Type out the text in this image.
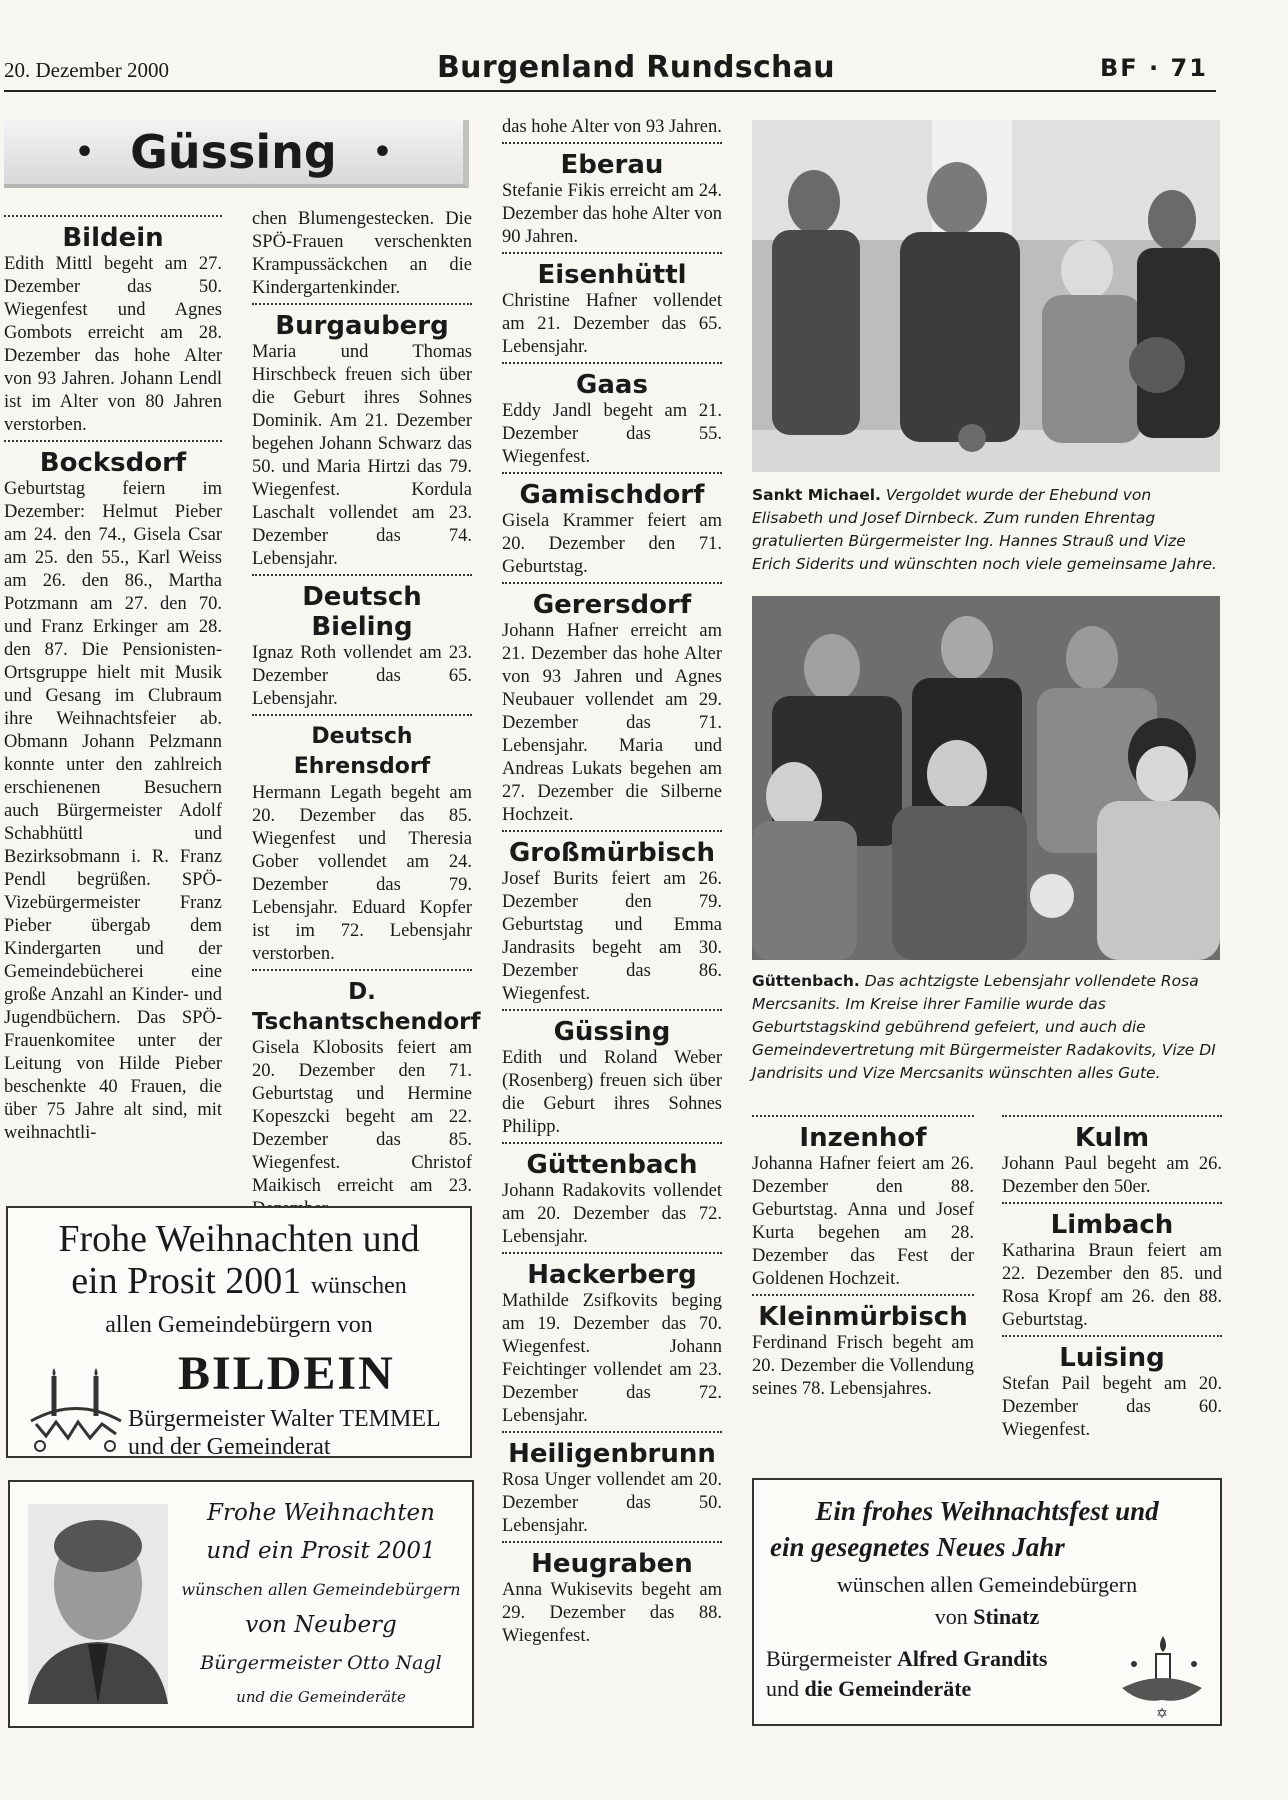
20. Dezember 2000	Burgenland Rundschau	BF · 71
• Güssing •
Bildein

Edith Mittl begeht am 27. Dezember das 50. Wiegenfest und Agnes Gombots erreicht am 28. Dezember das hohe Alter von 93 Jahren. Johann Lendl ist im Alter von 80 Jahren verstorben.

Bocksdorf

Geburtstag feiern im Dezember: Helmut Pieber am 24. den 74., Gisela Csar am 25. den 55., Karl Weiss am 26. den 86., Martha Potzmann am 27. den 70. und Franz Erkinger am 28. den 87. Die Pensionisten-Ortsgruppe hielt mit Musik und Gesang im Clubraum ihre Weihnachtsfeier ab. Obmann Johann Pelzmann konnte unter den zahlreich erschienenen Besuchern auch Bürgermeister Adolf Schabhüttl und Bezirksobmann i. R. Franz Pendl begrüßen. SPÖ-Vizebürgermeister Franz Pieber übergab dem Kindergarten und der Gemeindebücherei eine große Anzahl an Kinder- und Jugendbüchern. Das SPÖ-Frauenkomitee unter der Leitung von Hilde Pieber beschenkte 40 Frauen, die über 75 Jahre alt sind, mit weihnachtli-

chen Blumengestecken. Die SPÖ-Frauen verschenkten Krampussäckchen an die Kindergartenkinder.

Burgauberg

Maria und Thomas Hirschbeck freuen sich über die Geburt ihres Sohnes Dominik. Am 21. Dezember begehen Johann Schwarz das 50. und Maria Hirtzi das 79. Wiegenfest. Kordula Laschalt vollendet am 23. Dezember das 74. Lebensjahr.

Deutsch Bieling

Ignaz Roth vollendet am 23. Dezember das 65. Lebensjahr.

Deutsch Ehrensdorf

Hermann Legath begeht am 20. Dezember das 85. Wiegenfest und Theresia Gober vollendet am 24. Dezember das 79. Lebensjahr. Eduard Kopfer ist im 72. Lebensjahr verstorben.

D. Tschantschendorf

Gisela Klobosits feiert am 20. Dezember den 71. Geburtstag und Hermine Kopeszcki begeht am 22. Dezember das 85. Wiegenfest. Christof Maikisch erreicht am 23.

das hohe Alter von 93 Jahren.

Eberau

Stefanie Fikis erreicht am 24. Dezember das hohe Alter von 90 Jahren.

Eisenhüttl

Christine Hafner vollendet am 21. Dezember das 65. Lebensjahr.

Gaas

Eddy Jandl begeht am 21. Dezember das 55. Wiegenfest.

Gamischdorf

Gisela Krammer feiert am 20. Dezember den 71. Geburtstag.

Gerersdorf

Johann Hafner erreicht am 21. Dezember das hohe Alter von 93 Jahren und Agnes Neubauer vollendet am 29. Dezember das 71. Lebensjahr. Maria und Andreas Lukats begehen am 27. Dezember die Silberne Hochzeit.

Großmürbisch

Josef Burits feiert am 26. Dezember den 79. Geburtstag und Emma Jandrasits begeht am 30. Dezember das 86. Wiegenfest.

Güssing

Edith und Roland Weber (Rosenberg) freuen sich über die Geburt ihres Sohnes Philipp.

Güttenbach

Johann Radakovits vollendet am 20. Dezember das 72. Lebensjahr.

Hackerberg

Mathilde Zsifkovits beging am 19. Dezember das 70. Wiegenfest. Johann Feichtinger vollendet am 23. Dezember das 72. Lebensjahr.

Heiligenbrunn

Rosa Unger vollendet am 20. Dezember das 50. Lebensjahr.

Heugraben

Anna Wukisevits begeht am 29. Dezember das 88. Wiegenfest.

Sankt Michael. Vergoldet wurde der Ehebund von Elisabeth und Josef Dirnbeck. Zum runden Ehrentag gratulierten Bürgermeister Ing. Hannes Strauß und Vize Erich Siderits und wünschten noch viele gemeinsame Jahre.
Güttenbach. Das achtzigste Lebensjahr vollendete Rosa Mercsanits. Im Kreise ihrer Familie wurde das Geburtstagskind gebührend gefeiert, und auch die Gemeindevertretung mit Bürgermeister Radakovits, Vize DI Jandrisits und Vize Mercsanits wünschten alles Gute.
Inzenhof

Johanna Hafner feiert am 26. Dezember den 88. Geburtstag. Anna und Josef Kurta begehen am 28. Dezember das Fest der Goldenen Hochzeit.

Kleinmürbisch

Ferdinand Frisch begeht am 20. Dezember die Vollendung seines 78. Lebensjahres.

Kulm

Johann Paul begeht am 26. Dezember den 50er.

Limbach

Katharina Braun feiert am 22. Dezember den 85. und Rosa Kropf am 26. den 88. Geburtstag.

Luising

Stefan Pail begeht am 20. Dezember das 60. Wiegenfest.

Frohe Weihnachten und
ein Prosit 2001 wünschen
allen Gemeindebürgern von
BILDEIN
Bürgermeister Walter TEMMEL
und der Gemeinderat
Frohe Weihnachten
und ein Prosit 2001
wünschen allen Gemeindebürgern
von Neuberg
Bürgermeister Otto Nagl
und die Gemeinderäte
Ein frohes Weihnachtsfest und
ein gesegnetes Neues Jahr
wünschen allen Gemeindebürgern
von Stinatz
Bürgermeister Alfred Grandits
und die Gemeinderäte
✡
